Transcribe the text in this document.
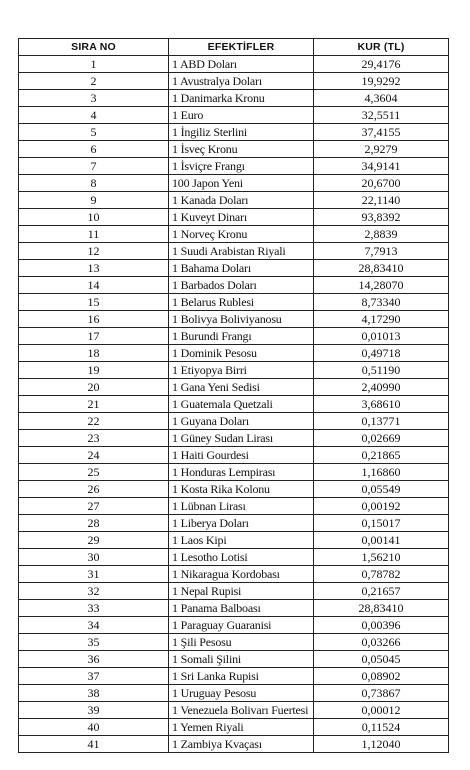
SIRA NO	EFEKTİFLER	KUR (TL)
1	1 ABD Doları	29,4176
2	1 Avustralya Doları	19,9292
3	1 Danimarka Kronu	4,3604
4	1 Euro	32,5511
5	1 İngiliz Sterlini	37,4155
6	1 İsveç Kronu	2,9279
7	1 İsviçre Frangı	34,9141
8	100 Japon Yeni	20,6700
9	1 Kanada Doları	22,1140
10	1 Kuveyt Dinarı	93,8392
11	1 Norveç Kronu	2,8839
12	1 Suudi Arabistan Riyali	7,7913
13	1 Bahama Doları	28,83410
14	1 Barbados Doları	14,28070
15	1 Belarus Rublesi	8,73340
16	1 Bolivya Boliviyanosu	4,17290
17	1 Burundi Frangı	0,01013
18	1 Dominik Pesosu	0,49718
19	1 Etiyopya Birri	0,51190
20	1 Gana Yeni Sedisi	2,40990
21	1 Guatemala Quetzali	3,68610
22	1 Guyana Doları	0,13771
23	1 Güney Sudan Lirası	0,02669
24	1 Haiti Gourdesi	0,21865
25	1 Honduras Lempirası	1,16860
26	1 Kosta Rika Kolonu	0,05549
27	1 Lübnan Lirası	0,00192
28	1 Liberya Doları	0,15017
29	1 Laos Kipi	0,00141
30	1 Lesotho Lotisi	1,56210
31	1 Nikaragua Kordobası	0,78782
32	1 Nepal Rupisi	0,21657
33	1 Panama Balboası	28,83410
34	1 Paraguay Guaranisi	0,00396
35	1 Şili Pesosu	0,03266
36	1 Somali Şilini	0,05045
37	1 Sri Lanka Rupisi	0,08902
38	1 Uruguay Pesosu	0,73867
39	1 Venezuela Bolivarı Fuertesi	0,00012
40	1 Yemen Riyali	0,11524
41	1 Zambiya Kvaçası	1,12040
